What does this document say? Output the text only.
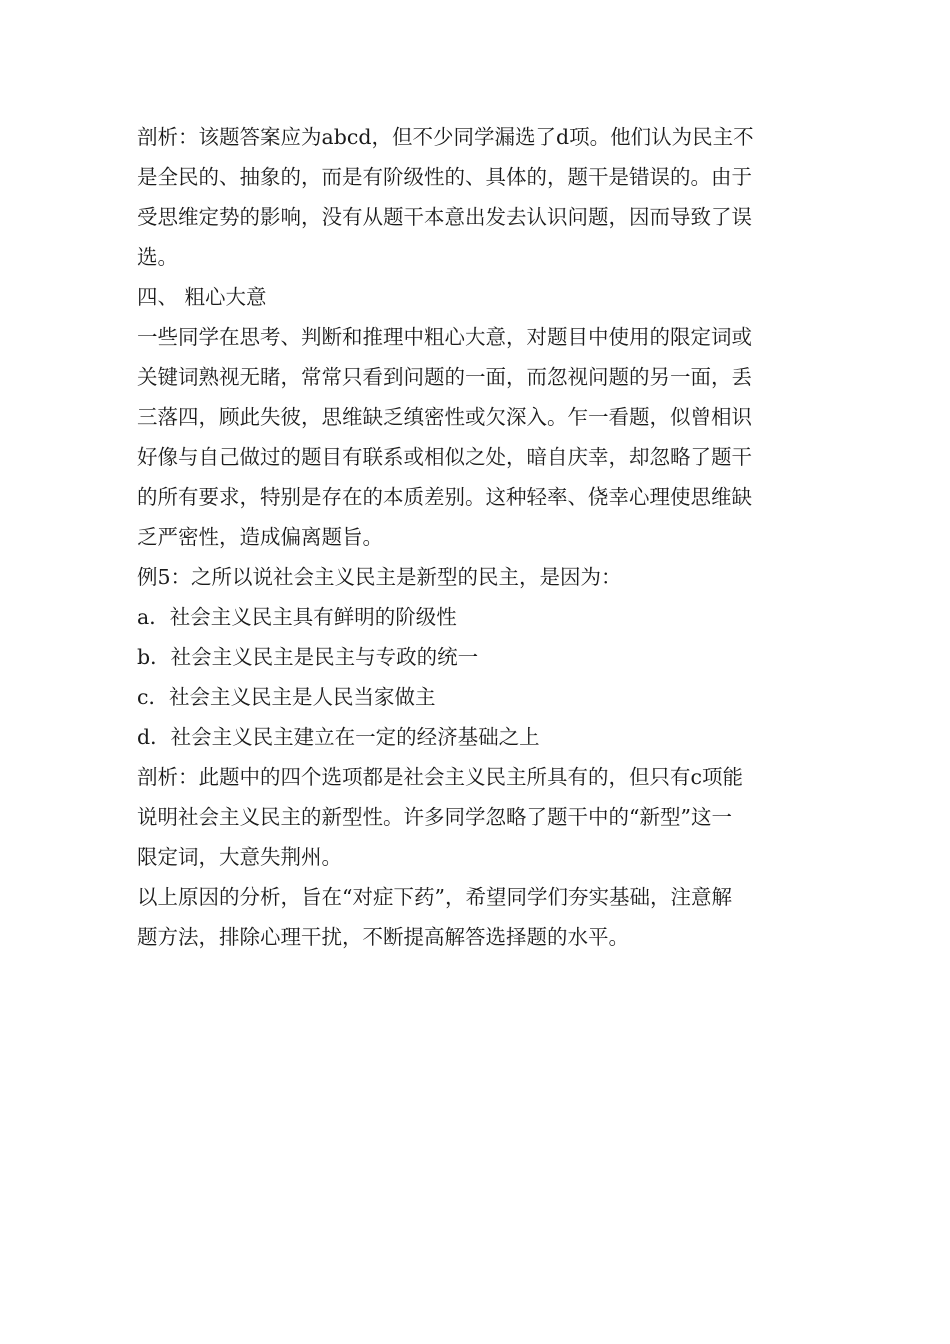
剖析：该题答案应为abcd，但不少同学漏选了d项。他们认为民主不
是全民的、抽象的，而是有阶级性的、具体的，题干是错误的。由于
受思维定势的影响，没有从题干本意出发去认识问题，因而导致了误
选。
四、 粗心大意
一些同学在思考、判断和推理中粗心大意，对题目中使用的限定词或
关键词熟视无睹，常常只看到问题的一面，而忽视问题的另一面，丢
三落四，顾此失彼，思维缺乏缜密性或欠深入。乍一看题，似曾相识
好像与自己做过的题目有联系或相似之处，暗自庆幸，却忽略了题干
的所有要求，特别是存在的本质差别。这种轻率、侥幸心理使思维缺
乏严密性，造成偏离题旨。
例5：之所以说社会主义民主是新型的民主，是因为：
a．社会主义民主具有鲜明的阶级性
b．社会主义民主是民主与专政的统一
c．社会主义民主是人民当家做主
d．社会主义民主建立在一定的经济基础之上
剖析：此题中的四个选项都是社会主义民主所具有的，但只有c项能
说明社会主义民主的新型性。许多同学忽略了题干中的“新型”这一
限定词，大意失荆州。
以上原因的分析，旨在“对症下药”，希望同学们夯实基础，注意解
题方法，排除心理干扰，不断提高解答选择题的水平。
